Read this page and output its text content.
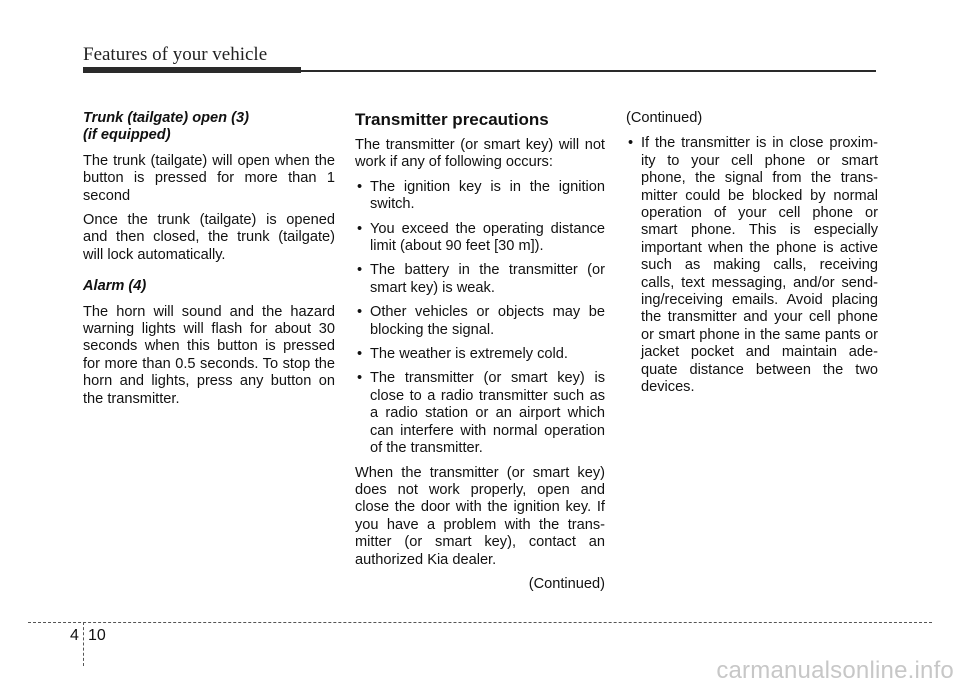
Features of your vehicle
Trunk (tailgate) open (3)
(if equipped)

The trunk (tailgate) will open when the button is pressed for more than 1 second

Once the trunk (tailgate) is opened and then closed, the trunk (tailgate) will lock automatically.

Alarm (4)

The horn will sound and the hazard warning lights will flash for about 30 seconds when this button is pressed for more than 0.5 seconds. To stop the horn and lights, press any button on the transmitter.

Transmitter precautions

The transmitter (or smart key) will not work if any of following occurs:

• The ignition key is in the ignition switch.
• You exceed the operating distance limit (about 90 feet [30 m]).
• The battery in the transmitter (or smart key) is weak.
• Other vehicles or objects may be blocking the signal.
• The weather is extremely cold.
• The transmitter (or smart key) is close to a radio transmitter such as a radio station or an airport which can interfere with normal operation of the transmitter.

When the transmitter (or smart key) does not work properly, open and close the door with the ignition key. If you have a problem with the trans-mitter (or smart key), contact an authorized Kia dealer.

(Continued)
(Continued)
• If the transmitter is in close proxim-ity to your cell phone or smart phone, the signal from the trans-mitter could be blocked by normal operation of your cell phone or smart phone. This is especially important when the phone is active such as making calls, receiving calls, text messaging, and/or send-ing/receiving emails. Avoid placing the transmitter and your cell phone or smart phone in the same pants or jacket pocket and maintain ade-quate distance between the two devices.
4 10
carmanualsonline.info
